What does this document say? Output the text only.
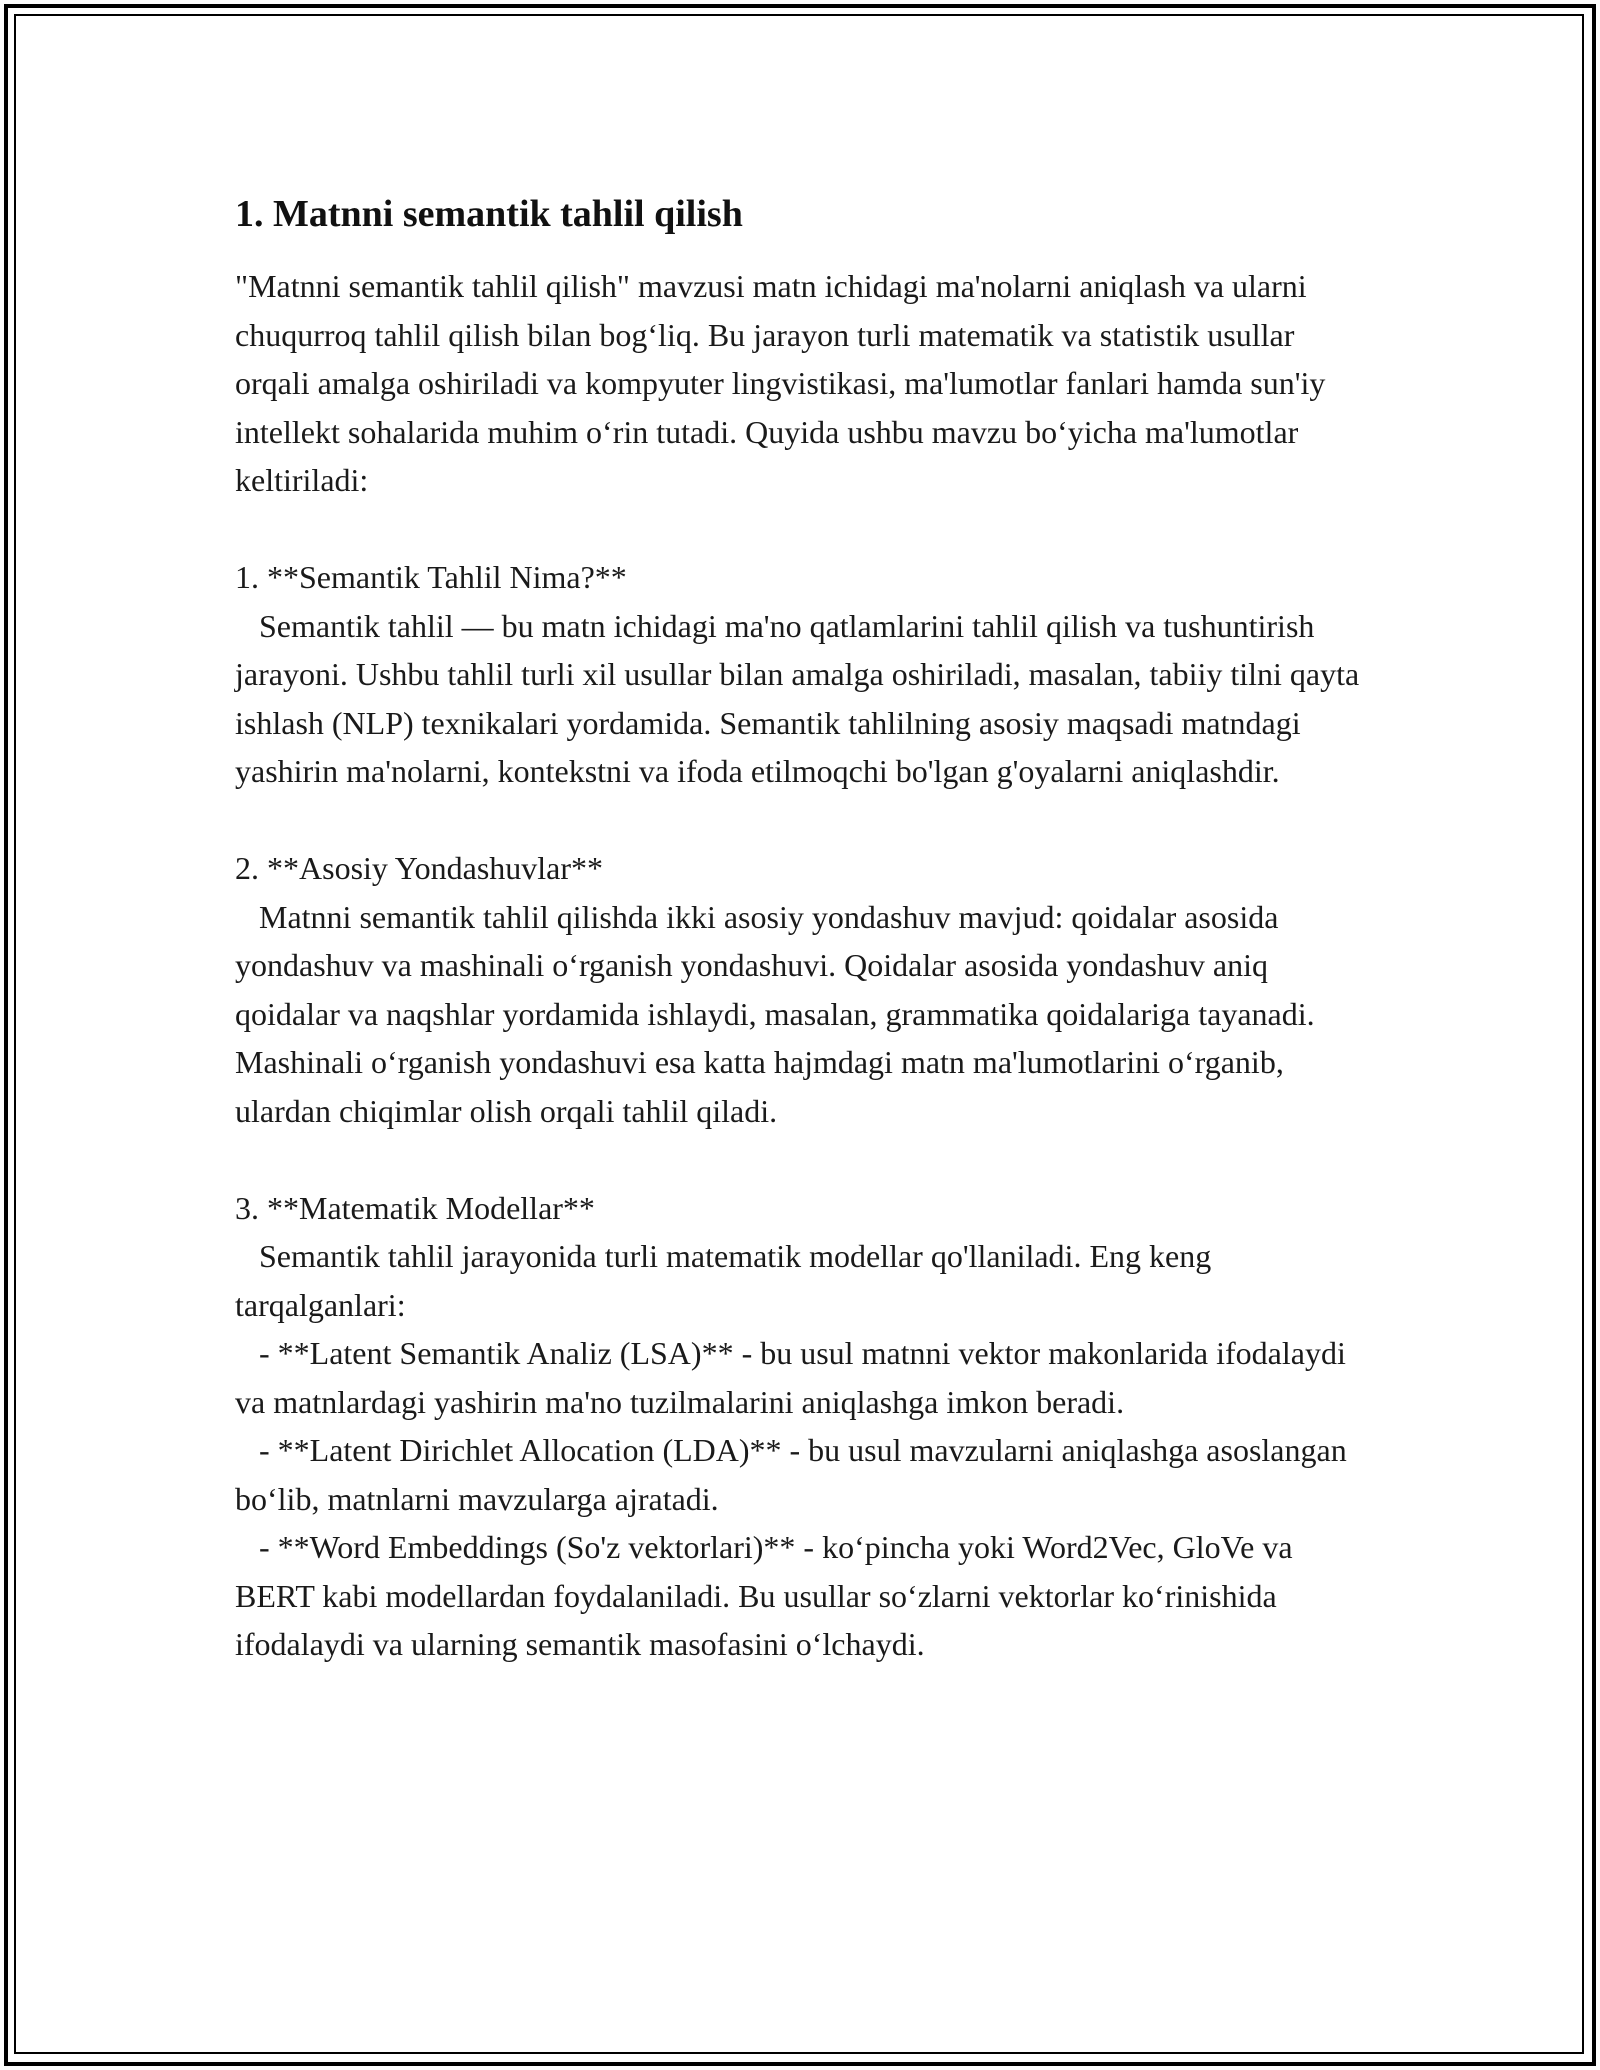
1. Matnni semantik tahlil qilish

"Matnni semantik tahlil qilish" mavzusi matn ichidagi ma'nolarni aniqlash va ularni chuqurroq tahlil qilish bilan bog‘liq. Bu jarayon turli matematik va statistik usullar orqali amalga oshiriladi va kompyuter lingvistikasi, ma'lumotlar fanlari hamda sun'iy intellekt sohalarida muhim o‘rin tutadi. Quyida ushbu mavzu bo‘yicha ma'lumotlar keltiriladi:

1. **Semantik Tahlil Nima?**

Semantik tahlil — bu matn ichidagi ma'no qatlamlarini tahlil qilish va tushuntirish jarayoni. Ushbu tahlil turli xil usullar bilan amalga oshiriladi, masalan, tabiiy tilni qayta ishlash (NLP) texnikalari yordamida. Semantik tahlilning asosiy maqsadi matndagi yashirin ma'nolarni, kontekstni va ifoda etilmoqchi bo'lgan g'oyalarni aniqlashdir.

2. **Asosiy Yondashuvlar**

Matnni semantik tahlil qilishda ikki asosiy yondashuv mavjud: qoidalar asosida yondashuv va mashinali o‘rganish yondashuvi. Qoidalar asosida yondashuv aniq qoidalar va naqshlar yordamida ishlaydi, masalan, grammatika qoidalariga tayanadi. Mashinali o‘rganish yondashuvi esa katta hajmdagi matn ma'lumotlarini o‘rganib, ulardan chiqimlar olish orqali tahlil qiladi.

3. **Matematik Modellar**

Semantik tahlil jarayonida turli matematik modellar qo'llaniladi. Eng keng tarqalganlari:

- **Latent Semantik Analiz (LSA)** - bu usul matnni vektor makonlarida ifodalaydi va matnlardagi yashirin ma'no tuzilmalarini aniqlashga imkon beradi.

- **Latent Dirichlet Allocation (LDA)** - bu usul mavzularni aniqlashga asoslangan bo‘lib, matnlarni mavzularga ajratadi.

- **Word Embeddings (So'z vektorlari)** - ko‘pincha yoki Word2Vec, GloVe va BERT kabi modellardan foydalaniladi. Bu usullar so‘zlarni vektorlar ko‘rinishida ifodalaydi va ularning semantik masofasini o‘lchaydi.
